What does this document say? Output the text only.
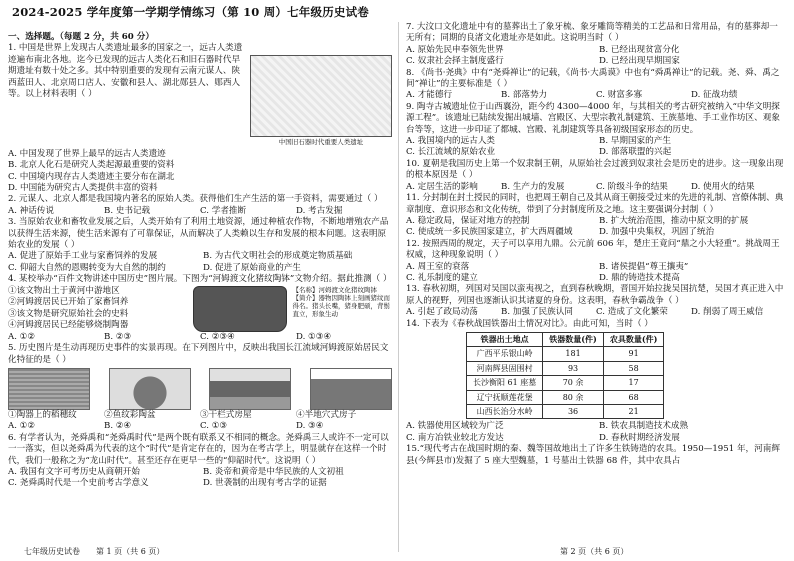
2024-2025 学年度第一学期学情练习（第 10 周）七年级历史试卷

一、选择题。（每题 2 分，共 60 分）

1. 中国是世界上发现古人类遗址最多的国家之一，远古人类遗迹遍布南北各地。迄今已发现的远古人类化石和旧石器时代早期遗址有数十处之多。其中特别重要的发现有云南元谋人、陕西蓝田人、北京周口店人、安徽和县人、湖北郧县人、郧西人等。以上材料表明（ ）

中国旧石器时代重要人类遗址

A. 中国发现了世界上最早的远古人类遗迹

B. 北京人化石是研究人类起源最重要的资料

C. 中国境内现存古人类遗迹主要分布在湖北

D. 中国能为研究古人类提供丰富的资料

2. 元谋人、北京人都是我国境内著名的原始人类。获得他们生产生活的第一手资料，需要通过（ ）

A. 神话传说	B. 史书记载	C. 学者推断	D. 考古发掘

3. 当原始农业和畜牧业发展之后，人类开始有了利用土地资源，通过种植农作物，不断地增殖农产品以获得生活来源，使生活来源有了可靠保证，从而解决了人类赖以生存和发展的根本问题。这表明原始农业的发展（ ）

A. 促进了原始手工业与家畜饲养的发展	B. 为古代文明社会的形成奠定物质基础
C. 仰韶大自然的恩赐转变为大自然的制约	D. 促进了原始商业的产生

4. 某校举办“百件文物讲述中国历史”图片展。下图为“河姆渡文化猪纹陶钵”文物介绍。据此推测（ ）

①该文物出土于黄河中游地区

②河姆渡居民已开始了家畜饲养

③该文物是研究原始社会的史料

④河姆渡居民已经能够烧制陶器

【名称】河姆渡文化猪纹陶钵 【简介】器物因陶钵上刻画猪纹而得名。猪头长嘴，猪身肥硕，背鬃直立，形象生动
A. ①②	B. ②③	C. ②③④	D. ①③④

5. 历史图片是生动再现历史事件的实景再现。在下列图片中，反映出我国长江流域河姆渡原始居民文化特征的是（ ）

①陶器上的稻穗纹	②鱼纹彩陶盆	③干栏式房屋	④半地穴式房子
A. ①②	B. ②④	C. ①③	D. ③④

6. 有学者认为，尧舜禹和“尧舜禹时代”是两个既有联系又不相同的概念。尧舜禹三人或许不一定可以一一落实，但以尧舜禹为代表的这个“时代”是肯定存在的，因为在考古学上，明显就存在这样一个时代，我们一般称之为“龙山时代”。甚至还存在更早一些的“仰韶时代”。这说明（ ）

A. 我国有文字可考历史从商朝开始	B. 炎帝和黄帝是中华民族的人文初祖
C. 尧舜禹时代是一个史前考古学意义	D. 世袭制的出现有考古学的证据
七年级历史试卷　　第 1 页（共 6 页）

7. 大汶口文化遗址中有的墓葬出土了象牙梳、象牙雕筒等精美的工艺品和日常用品，有的墓葬却一无所有；同期的良渚文化遗址亦是如此。这说明当时（ ）

A. 原始先民申奉领先世界	B. 已经出现贫富分化
C. 奴隶社会择主制度盛行	D. 已经出现早期国家

8. 《尚书·尧典》中有“尧舜禅让”的记载，《尚书·大禹谟》中也有“舜禹禅让”的记载。尧、舜、禹之间“禅让”的主要标准是（ ）

A. 才能德行	B. 部落势力	C. 财富多寡	D. 征战功绩

9. 陶寺古城遗址位于山西襄汾，距今约 4300—4000 年，与其相关的考古研究被纳入“中华文明探源工程”。该遗址已陆续发掘出城墙、宫殿区、大型宗教礼制建筑、王族墓地、手工业作坊区、观象台等等，这进一步印证了都城、宫殿、礼制建筑等具备初级国家形态的历史。

A. 我国境内的远古人类	B. 早期国家的产生
C. 长江流域的原始农业	D. 部落联盟的兴起

10. 夏朝是我国历史上第一个奴隶制王朝，从原始社会过渡到奴隶社会是历史的进步。这一现象出现的根本原因是（ ）

A. 定居生活的影响	B. 生产力的发展	C. 阶级斗争的结果	D. 使用火的结果

11. 分封制在封土授民的同时，也把周王朝自己及其从商王朝接受过来的先进的礼制、宫僚体制、典章制度、意识形态和文化传统，带到了分封制度所及之地。这主要强调分封制（ ）

A. 稳定政局，保证对地方的控制	B. 扩大统治范围，推动中原文明的扩展
C. 使成统一多民族国家建立，扩大西周疆域	D. 加强中央集权，巩固了统治

12. 按照西周的规定，天子可以享用九鼎。公元前 606 年，楚庄王竟问“鼎之小大轻重”。挑战周王权威，这种现象说明（ ）

A. 周王室的衰落	B. 诸侯提倡“尊王攘夷”
C. 礼乐制度的建立	D. 鼎的铸造技术提高

13. 春秋初期，列国对吴国以蛮夷视之，直到春秋晚期，晋国开始拉拢吴国抗楚，吴国才真正进入中原人的视野，列国也逐渐认识其诸夏的身份。这表明，春秋争霸战争（ ）

A. 引起了政局动荡	B. 加强了民族认同	C. 造成了文化繁荣	D. 削弱了周王威信

14. 下表为《春秋战国铁器出土情况对比》。由此可知，当时（ ）

铁器出土地点	铁器数量(件)	农具数量(件)
广西平乐银山岭	181	91
河南辉县固围村	93	58
长沙衡阳 61 座墓	70 余	17
辽宁抚顺莲花堡	80 余	68
山西长治分水岭	36	21
A. 铁器使用区域较为广泛	B. 铁农具制造技术成熟
C. 南方冶铁业较北方发达	D. 春秋时期经济发展

15.“现代考古在战国时期的秦、魏等国故地出土了许多生铁铸造的农具。1950—1951 年，河南辉县(今辉县市)发掘了 5 座大型魏墓，1 号墓出土铁器 68 件，其中农具占

第 2 页（共 6 页）
